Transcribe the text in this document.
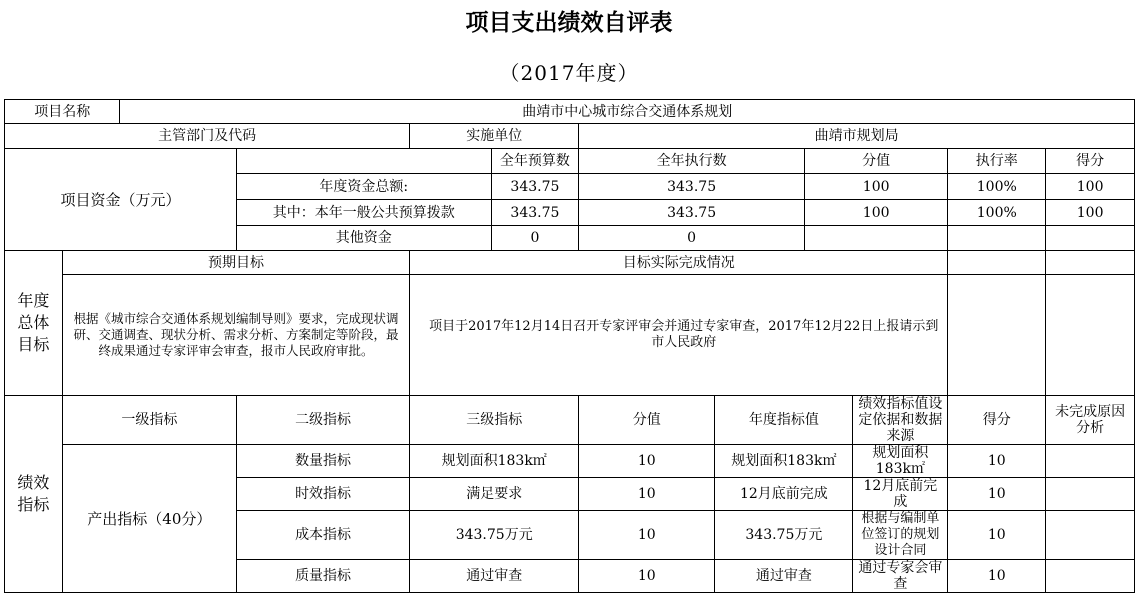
项目支出绩效自评表
（2017年度）
项目名称		曲靖市中心城市综合交通体系规划									
主管部门及代码				实施单位		曲靖市规划局					
项目资金（万元）					全年预算数	全年执行数		分值		执行率	得分
			年度资金总额:		343.75	343.75		100		100%	100
			其中：本年一般公共预算拨款		343.75	343.75		100		100%	100
			其他资金		0	0					
年度总体目标	预期目标			目标实际完成情况							
	根据《城市综合交通体系规划编制导则》要求，完成现状调研、交通调查、现状分析、需求分析、方案制定等阶段，最终成果通过专家评审会审查，报市人民政府审批。			项目于2017年12月14日召开专家评审会并通过专家审查，2017年12月22日上报请示到市人民政府							
绩效指标	一级指标		二级指标	三级指标		分值	年度指标值		绩效指标值设定依据和数据来源	得分	未完成原因分析
	产出指标（40分）		数量指标	规划面积183k㎡		10	规划面积183k㎡		规划面积183k㎡	10	
			时效指标	满足要求		10	12月底前完成		12月底前完成	10	
			成本指标	343.75万元		10	343.75万元		根据与编制单位签订的规划设计合同	10	
			质量指标	通过审查		10	通过审查		通过专家会审查	10	
